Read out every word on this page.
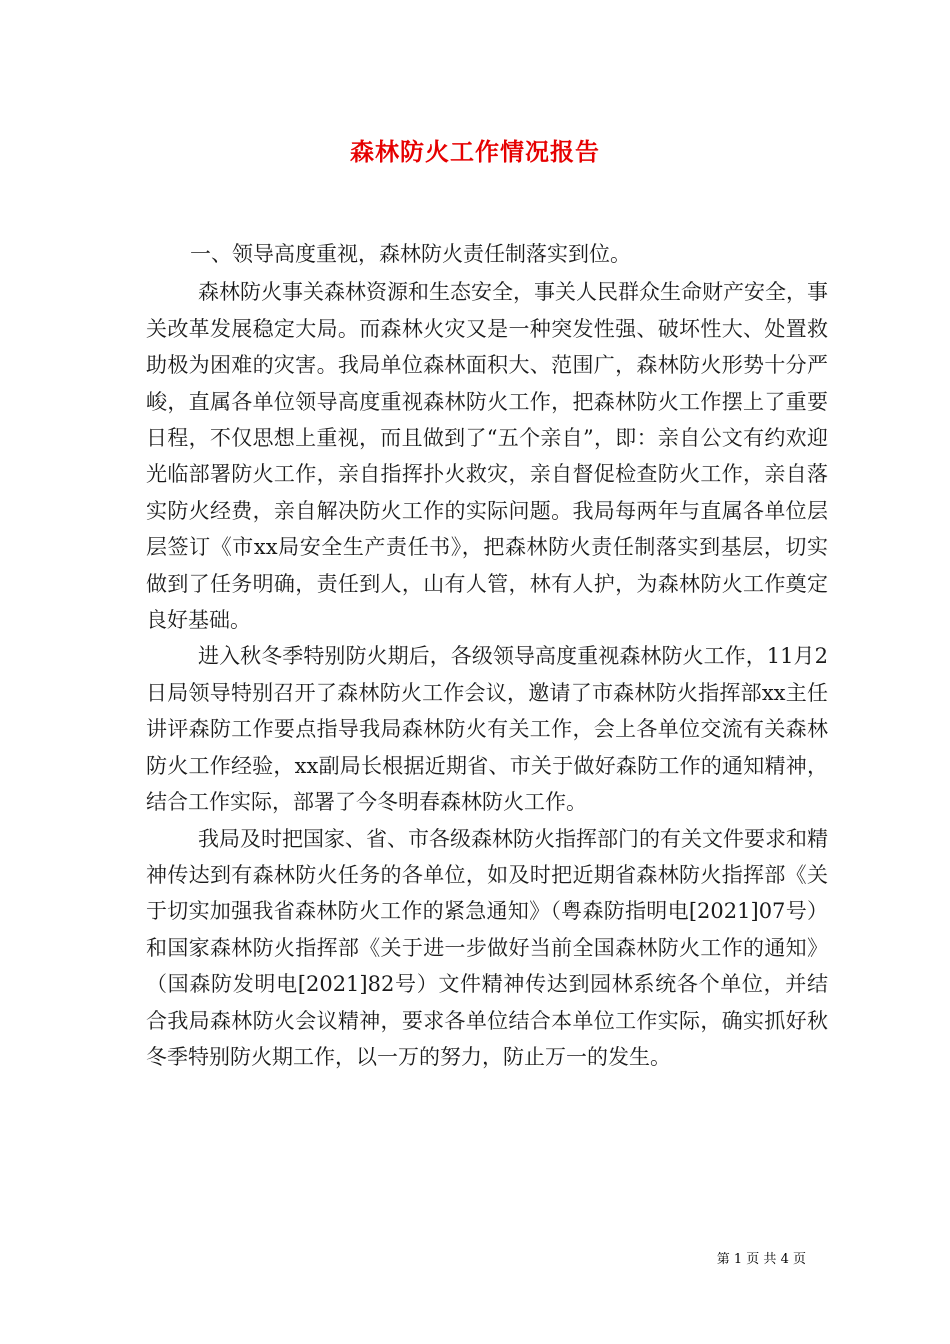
森林防火工作情况报告

一、领导高度重视，森林防火责任制落实到位。

森林防火事关森林资源和生态安全，事关人民群众生命财产安全，事关改革发展稳定大局。而森林火灾又是一种突发性强、破坏性大、处置救助极为困难的灾害。我局单位森林面积大、范围广，森林防火形势十分严峻，直属各单位领导高度重视森林防火工作，把森林防火工作摆上了重要日程，不仅思想上重视，而且做到了“五个亲自”，即：亲自公文有约欢迎光临部署防火工作，亲自指挥扑火救灾，亲自督促检查防火工作，亲自落实防火经费，亲自解决防火工作的实际问题。我局每两年与直属各单位层层签订《市xx局安全生产责任书》，把森林防火责任制落实到基层，切实做到了任务明确，责任到人，山有人管，林有人护，为森林防火工作奠定良好基础。

进入秋冬季特别防火期后，各级领导高度重视森林防火工作，11月2日局领导特别召开了森林防火工作会议，邀请了市森林防火指挥部xx主任讲评森防工作要点指导我局森林防火有关工作，会上各单位交流有关森林防火工作经验，xx副局长根据近期省、市关于做好森防工作的通知精神，结合工作实际，部署了今冬明春森林防火工作。

我局及时把国家、省、市各级森林防火指挥部门的有关文件要求和精神传达到有森林防火任务的各单位，如及时把近期省森林防火指挥部《关于切实加强我省森林防火工作的紧急通知》（粤森防指明电[2021]07号）和国家森林防火指挥部《关于进一步做好当前全国森林防火工作的通知》（国森防发明电[2021]82号）文件精神传达到园林系统各个单位，并结合我局森林防火会议精神，要求各单位结合本单位工作实际，确实抓好秋冬季特别防火期工作，以一万的努力，防止万一的发生。

第 1 页 共 4 页
